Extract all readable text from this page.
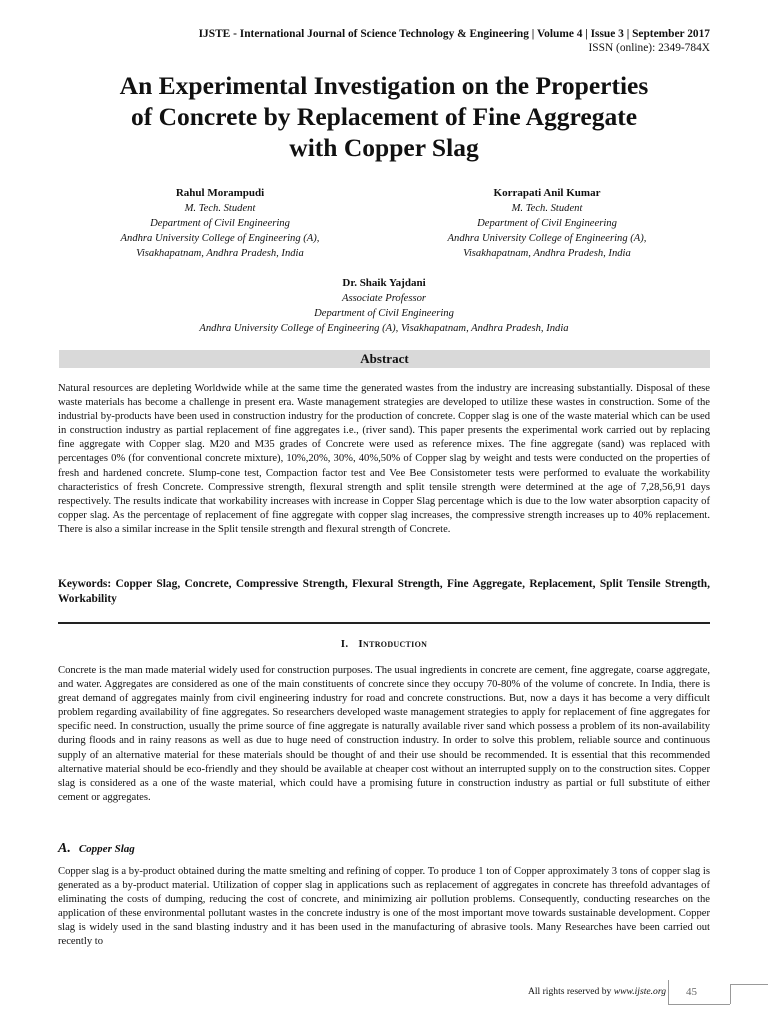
IJSTE - International Journal of Science Technology & Engineering | Volume 4 | Issue 3 | September 2017
ISSN (online): 2349-784X
An Experimental Investigation on the Properties
of Concrete by Replacement of Fine Aggregate
with Copper Slag
Rahul Morampudi
M. Tech. Student
Department of Civil Engineering
Andhra University College of Engineering (A),
Visakhapatnam, Andhra Pradesh, India
Korrapati Anil Kumar
M. Tech. Student
Department of Civil Engineering
Andhra University College of Engineering (A),
Visakhapatnam, Andhra Pradesh, India
Dr. Shaik Yajdani
Associate Professor
Department of Civil Engineering
Andhra University College of Engineering (A), Visakhapatnam, Andhra Pradesh, India
Abstract
Natural resources are depleting Worldwide while at the same time the generated wastes from the industry are increasing substantially. Disposal of these waste materials has become a challenge in present era. Waste management strategies are developed to utilize these wastes in construction. Some of the industrial by-products have been used in construction industry for the production of concrete. Copper slag is one of the waste material which can be used in construction industry as partial replacement of fine aggregates i.e., (river sand). This paper presents the experimental work carried out by replacing fine aggregate with Copper slag. M20 and M35 grades of Concrete were used as reference mixes. The fine aggregate (sand) was replaced with percentages 0% (for conventional concrete mixture), 10%,20%, 30%, 40%,50% of Copper slag by weight and tests were conducted on the properties of fresh and hardened concrete. Slump-cone test, Compaction factor test and Vee Bee Consistometer tests were performed to evaluate the workability characteristics of fresh Concrete. Compressive strength, flexural strength and split tensile strength were determined at the age of 7,28,56,91 days respectively. The results indicate that workability increases with increase in Copper Slag percentage which is due to the low water absorption capacity of copper slag. As the percentage of replacement of fine aggregate with copper slag increases, the compressive strength increases up to 40% replacement. There is also a similar increase in the Split tensile strength and flexural strength of Concrete.
Keywords: Copper Slag, Concrete, Compressive Strength, Flexural Strength, Fine Aggregate, Replacement, Split Tensile Strength, Workability
I. Introduction
Concrete is the man made material widely used for construction purposes. The usual ingredients in concrete are cement, fine aggregate, coarse aggregate, and water. Aggregates are considered as one of the main constituents of concrete since they occupy 70-80% of the volume of concrete. In India, there is great demand of aggregates mainly from civil engineering industry for road and concrete constructions. But, now a days it has become a very difficult problem regarding availability of fine aggregates. So researchers developed waste management strategies to apply for replacement of fine aggregates for specific need. In construction, usually the prime source of fine aggregate is naturally available river sand which possess a problem of its non-availability during floods and in rainy reasons as well as due to huge need of construction industry. In order to solve this problem, reliable source and continuous supply of an alternative material for these materials should be thought of and their use should be recommended. It is essential that this recommended alternative material should be eco-friendly and they should be available at cheaper cost without an interrupted supply on to the construction sites. Copper slag is considered as a one of the waste material, which could have a promising future in construction industry as partial or full substitute of either cement or aggregates.
A. Copper Slag
Copper slag is a by-product obtained during the matte smelting and refining of copper. To produce 1 ton of Copper approximately 3 tons of copper slag is generated as a by-product material. Utilization of copper slag in applications such as replacement of aggregates in concrete has threefold advantages of eliminating the costs of dumping, reducing the cost of concrete, and minimizing air pollution problems. Consequently, conducting researches on the application of these environmental pollutant wastes in the concrete industry is one of the most important move towards sustainable development. Copper slag is widely used in the sand blasting industry and it has been used in the manufacturing of abrasive tools. Many Researches have been carried out recently to
All rights reserved by www.ijste.org 45
